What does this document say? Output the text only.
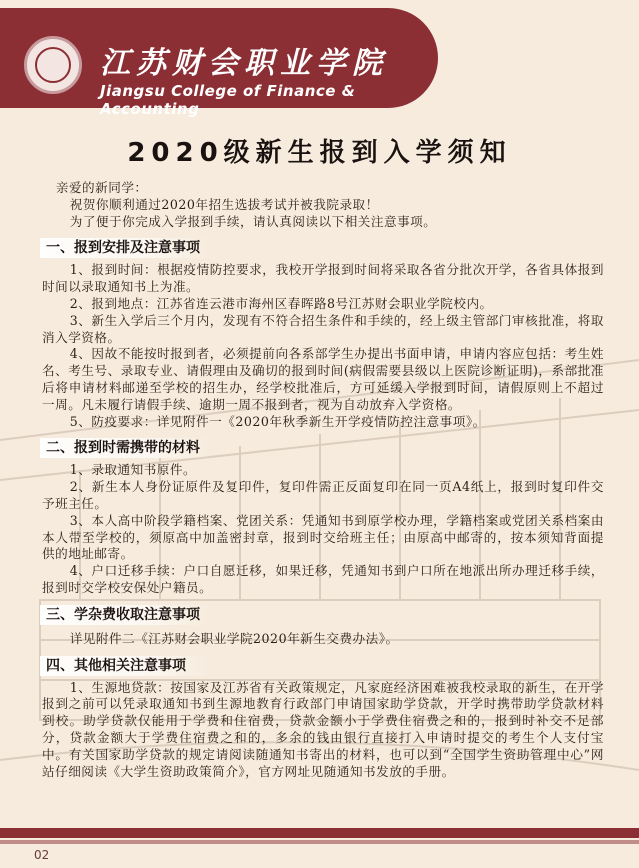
江苏财会职业学院
Jiangsu College of Finance & Accounting
2020级新生报到入学须知

亲爱的新同学：

祝贺你顺利通过2020年招生选拔考试并被我院录取！

为了便于你完成入学报到手续，请认真阅读以下相关注意事项。

一、报到安排及注意事项

1、报到时间：根据疫情防控要求，我校开学报到时间将采取各省分批次开学，各省具体报到时间以录取通知书上为准。

2、报到地点：江苏省连云港市海州区春晖路8号江苏财会职业学院校内。

3、新生入学后三个月内，发现有不符合招生条件和手续的，经上级主管部门审核批准，将取消入学资格。

4、因故不能按时报到者，必须提前向各系部学生办提出书面申请，申请内容应包括：考生姓名、考生号、录取专业、请假理由及确切的报到时间(病假需要县级以上医院诊断证明)，系部批准后将申请材料邮递至学校的招生办，经学校批准后，方可延缓入学报到时间，请假原则上不超过一周。凡未履行请假手续、逾期一周不报到者，视为自动放弃入学资格。

5、防疫要求：详见附件一《2020年秋季新生开学疫情防控注意事项》。

二、报到时需携带的材料

1、录取通知书原件。

2、新生本人身份证原件及复印件，复印件需正反面复印在同一页A4纸上，报到时复印件交予班主任。

3、本人高中阶段学籍档案、党团关系：凭通知书到原学校办理，学籍档案或党团关系档案由本人带至学校的，须原高中加盖密封章，报到时交给班主任；由原高中邮寄的，按本须知背面提供的地址邮寄。

4、户口迁移手续：户口自愿迁移，如果迁移，凭通知书到户口所在地派出所办理迁移手续，报到时交学校安保处户籍员。

三、学杂费收取注意事项

详见附件二《江苏财会职业学院2020年新生交费办法》。

四、其他相关注意事项

1、生源地贷款：按国家及江苏省有关政策规定，凡家庭经济困难被我校录取的新生，在开学报到之前可以凭录取通知书到生源地教育行政部门申请国家助学贷款，开学时携带助学贷款材料到校。助学贷款仅能用于学费和住宿费，贷款金额小于学费住宿费之和的，报到时补交不足部分，贷款金额大于学费住宿费之和的，多余的钱由银行直接打入申请时提交的考生个人支付宝中。有关国家助学贷款的规定请阅读随通知书寄出的材料，也可以到“全国学生资助管理中心”网站仔细阅读《大学生资助政策简介》，官方网址见随通知书发放的手册。

02
